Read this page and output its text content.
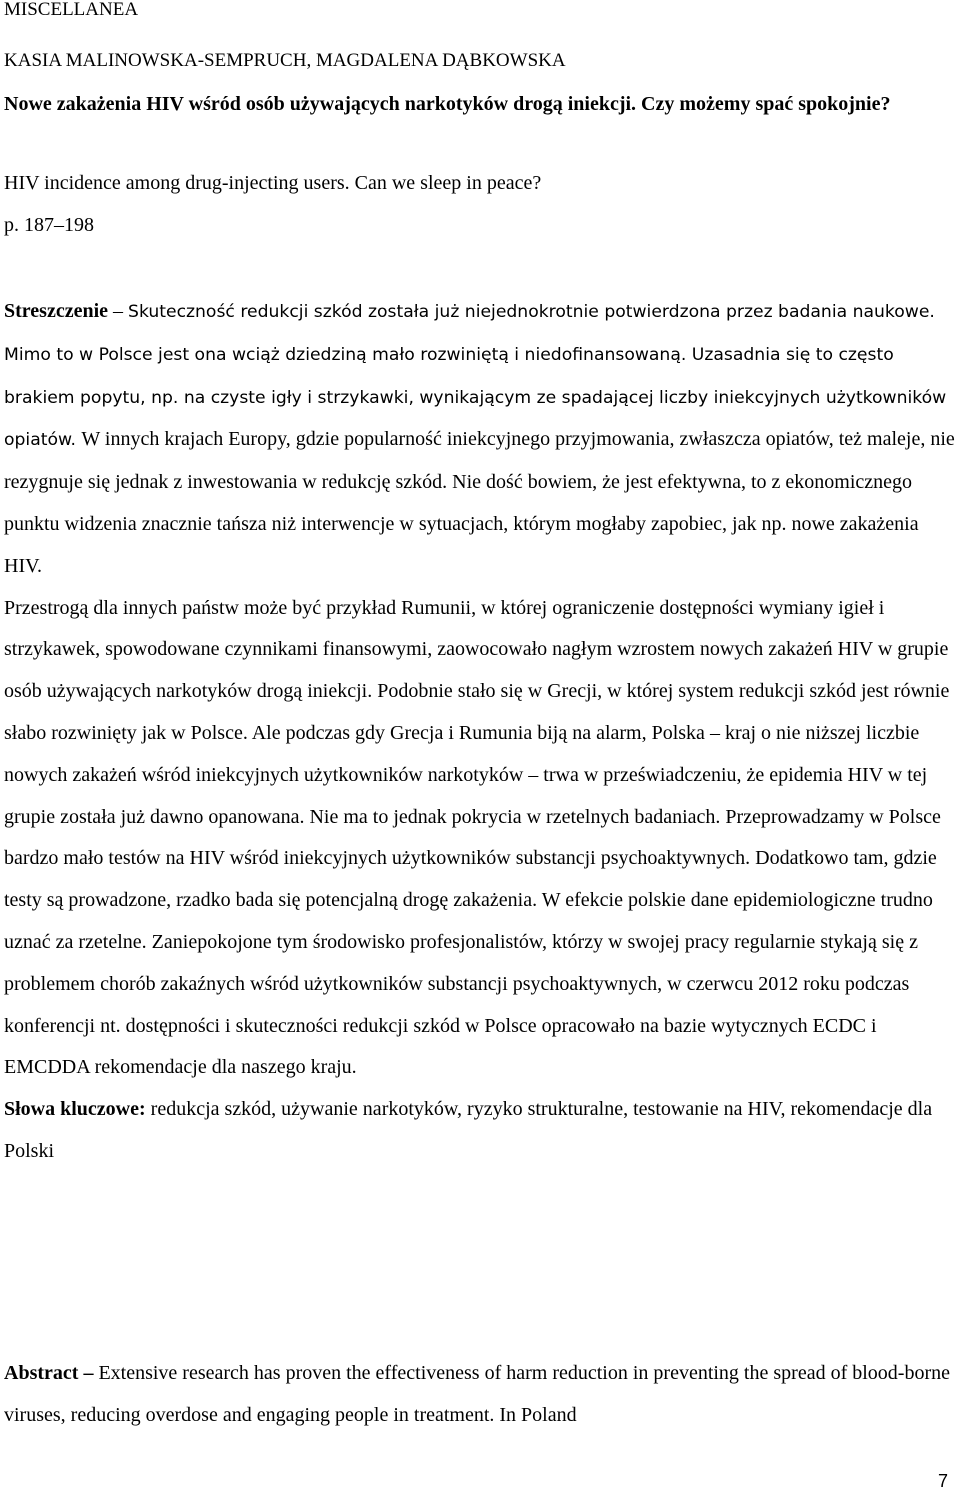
MISCELLANEA
KASIA MALINOWSKA-SEMPRUCH, MAGDALENA DĄBKOWSKA
Nowe zakażenia HIV wśród osób używających narkotyków drogą iniekcji. Czy możemy spać spokojnie?
HIV incidence among drug-injecting users. Can we sleep in peace?
p. 187–198
Streszczenie – Skuteczność redukcji szkód została już niejednokrotnie potwierdzona przez badania naukowe. Mimo to w Polsce jest ona wciąż dziedziną mało rozwiniętą i niedofinansowaną. Uzasadnia się to często brakiem popytu, np. na czyste igły i strzykawki, wynikającym ze spadającej liczby iniekcyjnych użytkowników opiatów. W innych krajach Europy, gdzie popularność iniekcyjnego przyjmowania, zwłaszcza opiatów, też maleje, nie rezygnuje się jednak z inwestowania w redukcję szkód. Nie dość bowiem, że jest efektywna, to z ekonomicznego punktu widzenia znacznie tańsza niż interwencje w sytuacjach, którym mogłaby zapobiec, jak np. nowe zakażenia HIV.
Przestrogą dla innych państw może być przykład Rumunii, w której ograniczenie dostępności wymiany igieł i strzykawek, spowodowane czynnikami finansowymi, zaowocowało nagłym wzrostem nowych zakażeń HIV w grupie osób używających narkotyków drogą iniekcji. Podobnie stało się w Grecji, w której system redukcji szkód jest równie słabo rozwinięty jak w Polsce. Ale podczas gdy Grecja i Rumunia biją na alarm, Polska – kraj o nie niższej liczbie nowych zakażeń wśród iniekcyjnych użytkowników narkotyków – trwa w przeświadczeniu, że epidemia HIV w tej grupie została już dawno opanowana. Nie ma to jednak pokrycia w rzetelnych badaniach. Przeprowadzamy w Polsce bardzo mało testów na HIV wśród iniekcyjnych użytkowników substancji psychoaktywnych. Dodatkowo tam, gdzie testy są prowadzone, rzadko bada się potencjalną drogę zakażenia. W efekcie polskie dane epidemiologiczne trudno uznać za rzetelne. Zaniepokojone tym środowisko profesjonalistów, którzy w swojej pracy regularnie stykają się z problemem chorób zakaźnych wśród użytkowników substancji psychoaktywnych, w czerwcu 2012 roku podczas konferencji nt. dostępności i skuteczności redukcji szkód w Polsce opracowało na bazie wytycznych ECDC i EMCDDA rekomendacje dla naszego kraju.
Słowa kluczowe: redukcja szkód, używanie narkotyków, ryzyko strukturalne, testowanie na HIV, rekomendacje dla Polski
Abstract – Extensive research has proven the effectiveness of harm reduction in preventing the spread of blood-borne viruses, reducing overdose and engaging people in treatment. In Poland
7
